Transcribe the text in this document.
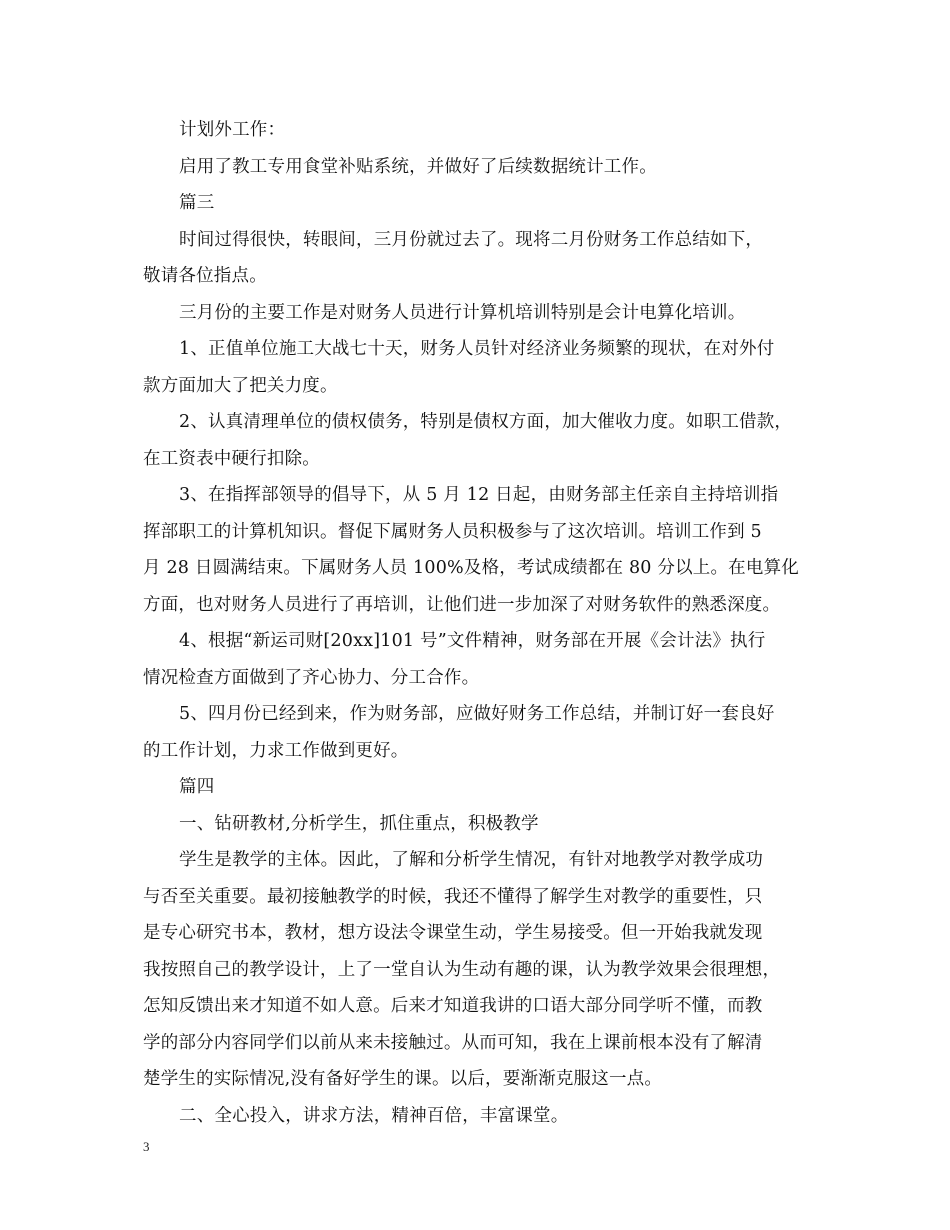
计划外工作：
启用了教工专用食堂补贴系统，并做好了后续数据统计工作。
篇三
时间过得很快，转眼间，三月份就过去了。现将二月份财务工作总结如下，
敬请各位指点。
三月份的主要工作是对财务人员进行计算机培训特别是会计电算化培训。
1、正值单位施工大战七十天，财务人员针对经济业务频繁的现状，在对外付
款方面加大了把关力度。
2、认真清理单位的债权债务，特别是债权方面，加大催收力度。如职工借款，
在工资表中硬行扣除。
3、在指挥部领导的倡导下，从 5 月 12 日起，由财务部主任亲自主持培训指
挥部职工的计算机知识。督促下属财务人员积极参与了这次培训。培训工作到 5
月 28 日圆满结束。下属财务人员 100%及格，考试成绩都在 80 分以上。在电算化
方面，也对财务人员进行了再培训，让他们进一步加深了对财务软件的熟悉深度。
4、根据“新运司财[20xx]101 号”文件精神，财务部在开展《会计法》执行
情况检查方面做到了齐心协力、分工合作。
5、四月份已经到来，作为财务部，应做好财务工作总结，并制订好一套良好
的工作计划，力求工作做到更好。
篇四
一、钻研教材,分析学生，抓住重点，积极教学
学生是教学的主体。因此，了解和分析学生情况，有针对地教学对教学成功
与否至关重要。最初接触教学的时候，我还不懂得了解学生对教学的重要性，只
是专心研究书本，教材，想方设法令课堂生动，学生易接受。但一开始我就发现
我按照自己的教学设计，上了一堂自认为生动有趣的课，认为教学效果会很理想，
怎知反馈出来才知道不如人意。后来才知道我讲的口语大部分同学听不懂，而教
学的部分内容同学们以前从来未接触过。从而可知，我在上课前根本没有了解清
楚学生的实际情况,没有备好学生的课。以后，要渐渐克服这一点。
二、全心投入，讲求方法，精神百倍，丰富课堂。
3
